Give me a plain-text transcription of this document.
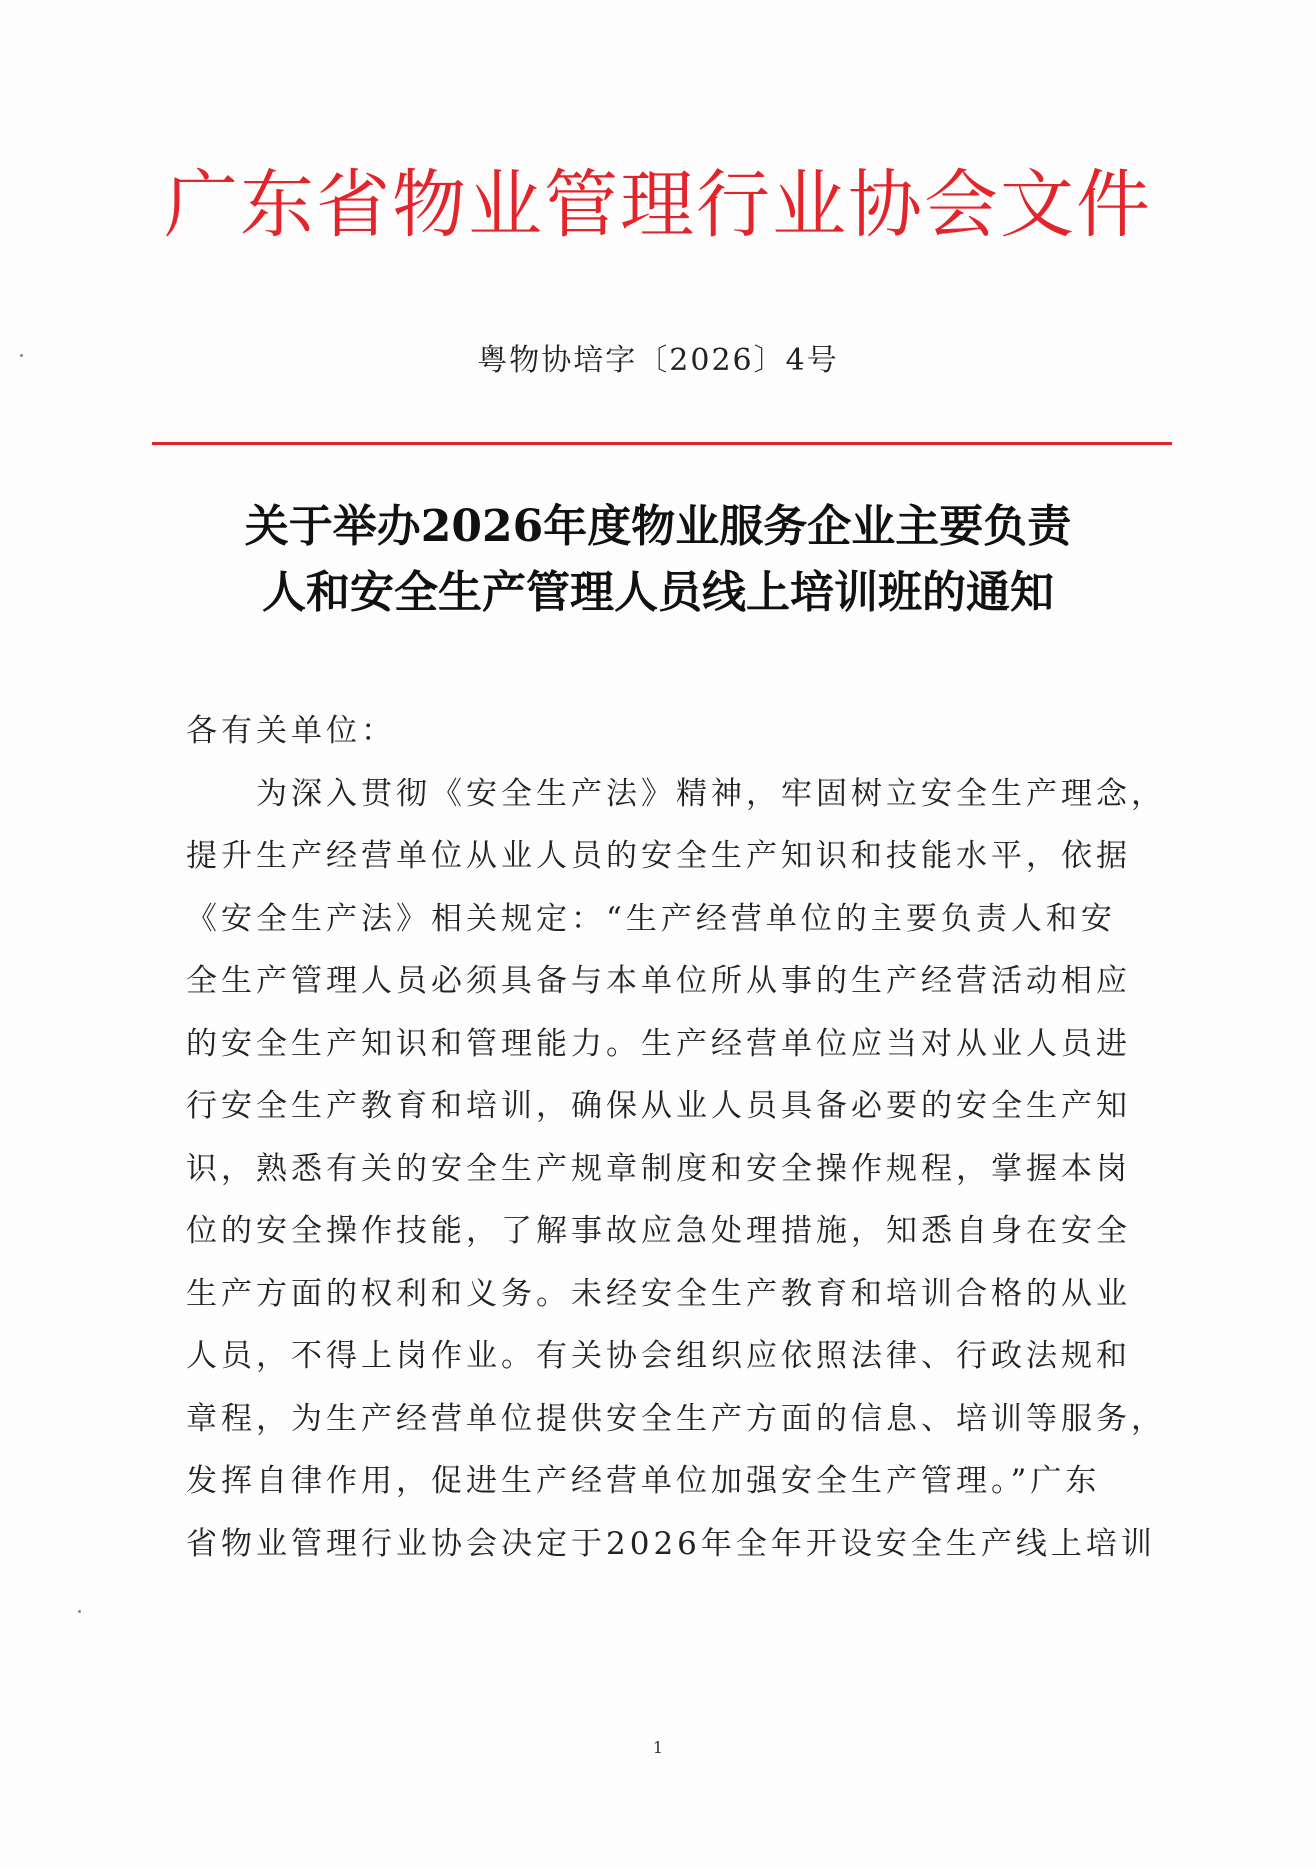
广东省物业管理行业协会文件
粤物协培字〔2026〕4号
关于举办2026年度物业服务企业主要负责
人和安全生产管理人员线上培训班的通知
各有关单位：
为深入贯彻《安全生产法》精神，牢固树立安全生产理念，
提升生产经营单位从业人员的安全生产知识和技能水平，依据
《安全生产法》相关规定：“生产经营单位的主要负责人和安
全生产管理人员必须具备与本单位所从事的生产经营活动相应
的安全生产知识和管理能力。生产经营单位应当对从业人员进
行安全生产教育和培训，确保从业人员具备必要的安全生产知
识，熟悉有关的安全生产规章制度和安全操作规程，掌握本岗
位的安全操作技能，了解事故应急处理措施，知悉自身在安全
生产方面的权利和义务。未经安全生产教育和培训合格的从业
人员，不得上岗作业。有关协会组织应依照法律、行政法规和
章程，为生产经营单位提供安全生产方面的信息、培训等服务，
发挥自律作用，促进生产经营单位加强安全生产管理。”广东
省物业管理行业协会决定于2026年全年开设安全生产线上培训
1
